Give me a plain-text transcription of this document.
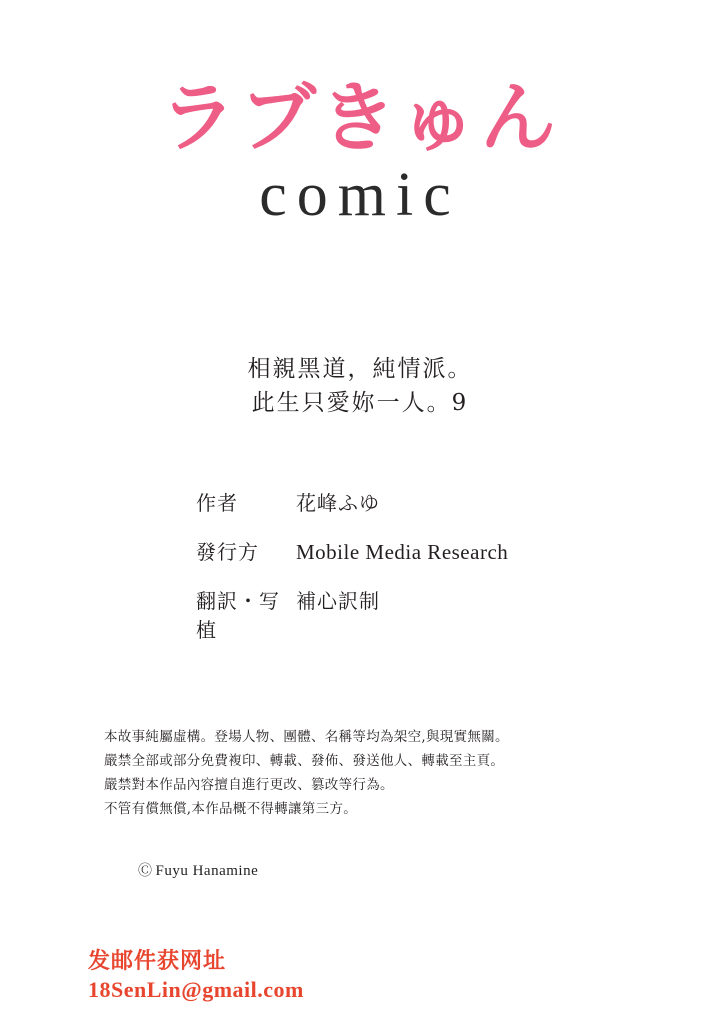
ラブきゅん
comic
相親黑道，純情派。
此生只愛妳一人。9
作者	花峰ふゆ
發行方	Mobile Media Research
翻訳・写植
補心訳制

本故事純屬虛構。登場人物、團體、名稱等均為架空,與現實無關。

嚴禁全部或部分免費複印、轉載、發佈、發送他人、轉載至主頁。

嚴禁對本作品內容擅自進行更改、篡改等行為。

不管有償無償,本作品概不得轉讓第三方。

Ⓒ Fuyu Hanamine
发邮件获网址
18SenLin@gmail.com
